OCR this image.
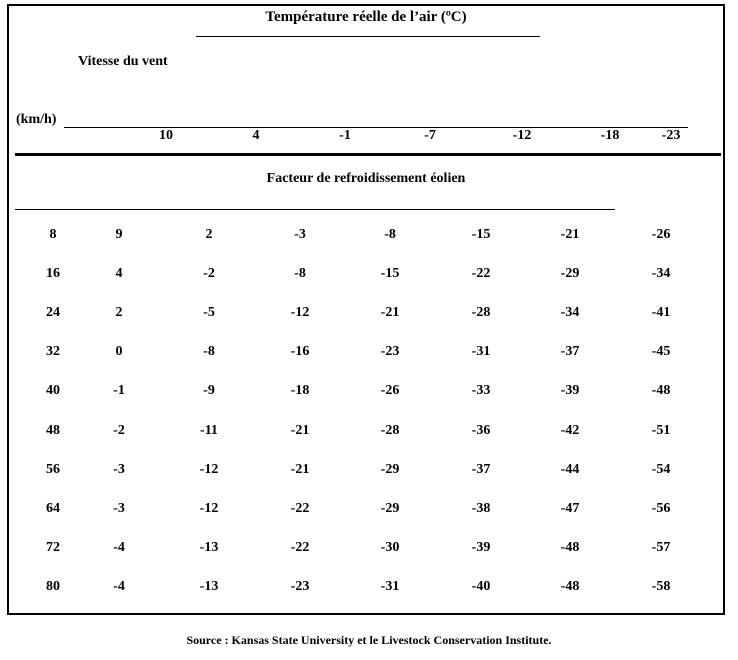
Température réelle de l’air (ºC)
Vitesse du vent
(km/h)
10	4	-1	-7	-12	-18	-23
Facteur de refroidissement éolien
8	9	2	-3	-8	-15	-21	-26
16	4	-2	-8	-15	-22	-29	-34
24	2	-5	-12	-21	-28	-34	-41
32	0	-8	-16	-23	-31	-37	-45
40	-1	-9	-18	-26	-33	-39	-48
48	-2	-11	-21	-28	-36	-42	-51
56	-3	-12	-21	-29	-37	-44	-54
64	-3	-12	-22	-29	-38	-47	-56
72	-4	-13	-22	-30	-39	-48	-57
80	-4	-13	-23	-31	-40	-48	-58
Source : Kansas State University et le Livestock Conservation Institute.
